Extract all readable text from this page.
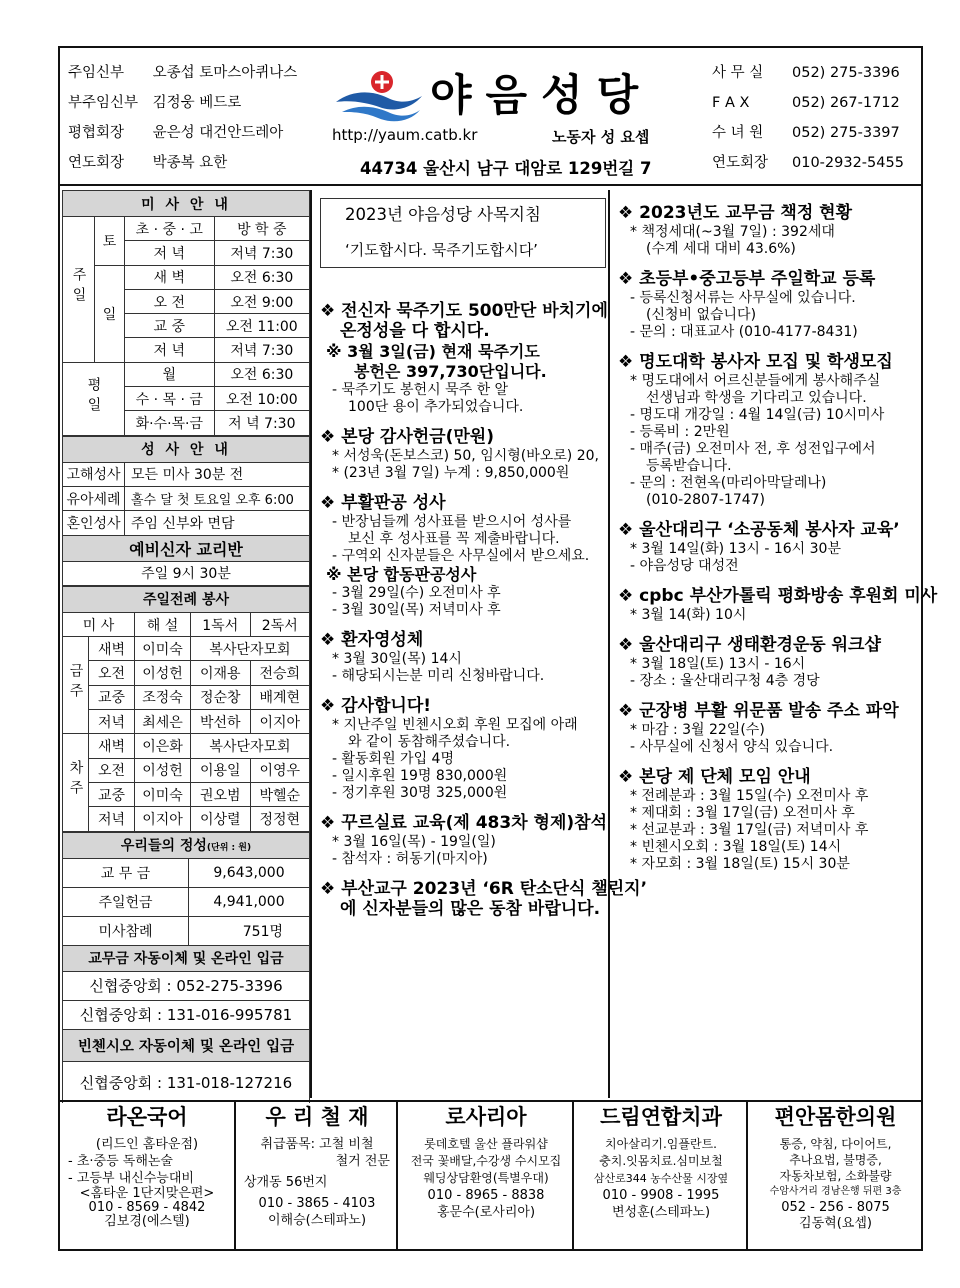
주임신부 오종섭 토마스아퀴나스
부주임신부 김정웅 베드로
평협회장 윤은성 대건안드레아
연도회장 박종복 요한
야음성당
http://yaum.catb.kr	노동자 성 요셉
44734 울산시 남구 대암로 129번길 7
사 무 실 052) 275-3396
F A X	052) 267-1712
수 녀 원 052) 275-3397
연도회장 010-2932-5455
미 사 안 내			
주일	토	초 · 중 · 고	방 학 중
		저 녁	저녁 7:30
	일	새 벽	오전 6:30
		오 전	오전 9:00
		교 중	오전 11:00
		저 녁	저녁 7:30
평일		월	오전 6:30
		수 · 목 · 금	오전 10:00
		화·수·목·금	저 녁 7:30
성 사 안 내	
고해성사	모든 미사 30분 전
유아세례	홀수 달 첫 토요일 오후 6:00
혼인성사	주임 신부와 면담
예비신자 교리반	
주일 9시 30분	
주일전례 봉사				
미 사		해 설	1독서	2독서
금주	새벽	이미숙	복사단자모회	
	오전	이성헌	이재용	전승희
	교중	조정숙	정순창	배계현
	저녁	최세은	박선하	이지아
차주	새벽	이은화	복사단자모회	
	오전	이성헌	이용일	이영우
	교중	이미숙	권오범	박헬순
	저녁	이지아	이상렬	정정현
우리들의 정성(단위 : 원)	
교 무 금	9,643,000
주일헌금	4,941,000
미사참례	751명
교무금 자동이체 및 온라인 입금	
신협중앙회 : 052-275-3396	
신협중앙회 : 131-016-995781	
빈첸시오 자동이체 및 온라인 입금	
신협중앙회 : 131-018-127216	
2023년 야음성당 사목지침
‘기도합시다. 묵주기도합시다’
❖ 전신자 묵주기도 500만단 바치기에
온정성을 다 합시다.
※ 3월 3일(금) 현재 묵주기도
봉헌은 397,730단입니다.
- 묵주기도 봉헌시 묵주 한 알
100단 용이 추가되었습니다.
❖ 본당 감사헌금(만원)
* 서성욱(돈보스코) 50, 임시형(바오로) 20,
* (23년 3월 7일) 누계 : 9,850,000원
❖ 부활판공 성사
- 반장님들께 성사표를 받으시어 성사를
보신 후 성사표를 꼭 제출바랍니다.
- 구역외 신자분들은 사무실에서 받으세요.
※ 본당 합동판공성사
- 3월 29일(수) 오전미사 후
- 3월 30일(목) 저녁미사 후
❖ 환자영성체
* 3월 30일(목) 14시
- 해당되시는분 미리 신청바랍니다.
❖ 감사합니다!
* 지난주일 빈첸시오회 후원 모집에 아래
와 같이 동참해주셨습니다.
- 활동회원 가입 4명
- 일시후원 19명 830,000원
- 정기후원 30명 325,000원
❖ 꾸르실료 교육(제 483차 형제)참석
* 3월 16일(목) - 19일(일)
- 참석자 : 허동기(마지아)
❖ 부산교구 2023년 ‘6R 탄소단식 챌린지’
에 신자분들의 많은 동참 바랍니다.
❖ 2023년도 교무금 책정 현황
* 책정세대(~3월 7일) : 392세대
(수계 세대 대비 43.6%)
❖ 초등부•중고등부 주일학교 등록
- 등록신청서류는 사무실에 있습니다.
(신청비 없습니다)
- 문의 : 대표교사 (010-4177-8431)
❖ 명도대학 봉사자 모집 및 학생모집
* 명도대에서 어르신분들에게 봉사해주실
선생님과 학생을 기다리고 있습니다.
- 명도대 개강일 : 4월 14일(금) 10시미사
- 등록비 : 2만원
- 매주(금) 오전미사 전, 후 성전입구에서
등록받습니다.
- 문의 : 전현옥(마리아막달레나)
(010-2807-1747)
❖ 울산대리구 ‘소공동체 봉사자 교육’
* 3월 14일(화) 13시 - 16시 30분
- 야음성당 대성전
❖ cpbc 부산가톨릭 평화방송 후원회 미사
* 3월 14(화) 10시
❖ 울산대리구 생태환경운동 워크샵
* 3월 18일(토) 13시 - 16시
- 장소 : 울산대리구청 4층 경당
❖ 군장병 부활 위문품 발송 주소 파악
* 마감 : 3월 22일(수)
- 사무실에 신청서 양식 있습니다.
❖ 본당 제 단체 모임 안내
* 전례분과 : 3월 15일(수) 오전미사 후
* 제대회 : 3월 17일(금) 오전미사 후
* 선교분과 : 3월 17일(금) 저녁미사 후
* 빈첸시오회 : 3월 18일(토) 14시
* 자모회 : 3월 18일(토) 15시 30분
라온국어
(리드인 홈타운점)
- 초·중등 독해논술
- 고등부 내신수능대비
<홈타운 1단지맞은편>
010 - 8569 - 4842
김보경(에스텔)
우 리 철 재
취급품목: 고철 비철
철거 전문
상개동 56번지
010 - 3865 - 4103
이해승(스테파노)
로사리아
롯데호텔 울산 플라워샵
전국 꽃배달,수강생 수시모집
웨딩상담환영(특별우대)
010 - 8965 - 8838
홍문수(로사리아)
드림연합치과
치아살리기.임플란트.
충치.잇몸치료.심미보철
삼산로344 농수산물 시장옆
010 - 9908 - 1995
변성훈(스테파노)
편안몸한의원
통증, 약침, 다이어트,
추나요법, 불명증,
자동차보험, 소화불량
수암사거리 경남은행 뒤편 3층
052 - 256 - 8075
김동혁(요셉)
